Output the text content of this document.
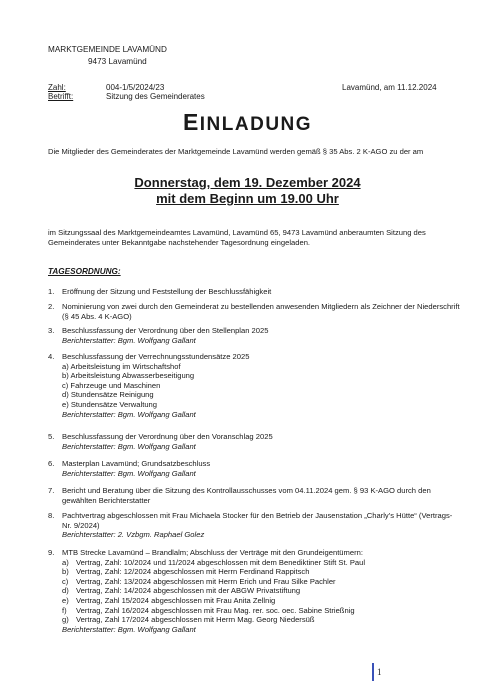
MARKTGEMEINDE LAVAMÜND
9473 Lavamünd
Zahl:	004-1/5/2024/23
Betrifft:	Sitzung des Gemeinderates
Lavamünd, am 11.12.2024
EINLADUNG
Die Mitglieder des Gemeinderates der Marktgemeinde Lavamünd werden gemäß § 35 Abs. 2 K-AGO zu der am
Donnerstag, dem 19. Dezember 2024
mit dem Beginn um 19.00 Uhr
im Sitzungssaal des Marktgemeindeamtes Lavamünd, Lavamünd 65, 9473 Lavamünd anberaumten Sitzung des Gemeinderates unter Bekanntgabe nachstehender Tagesordnung eingeladen.
TAGESORDNUNG:
1. Eröffnung der Sitzung und Feststellung der Beschlussfähigkeit
2. Nominierung von zwei durch den Gemeinderat zu bestellenden anwesenden Mitgliedern als Zeichner der Niederschrift (§ 45 Abs. 4 K-AGO)
3. Beschlussfassung der Verordnung über den Stellenplan 2025
Berichterstatter: Bgm. Wolfgang Gallant
4. Beschlussfassung der Verrechnungsstundensätze 2025
a) Arbeitsleistung im Wirtschaftshof
b) Arbeitsleistung Abwasserbeseitigung
c) Fahrzeuge und Maschinen
d) Stundensätze Reinigung
e) Stundensätze Verwaltung
Berichterstatter: Bgm. Wolfgang Gallant
5. Beschlussfassung der Verordnung über den Voranschlag 2025
Berichterstatter: Bgm. Wolfgang Gallant
6. Masterplan Lavamünd; Grundsatzbeschluss
Berichterstatter: Bgm. Wolfgang Gallant
7. Bericht und Beratung über die Sitzung des Kontrollausschusses vom 04.11.2024 gem. § 93 K-AGO durch den gewählten Berichterstatter
8. Pachtvertrag abgeschlossen mit Frau Michaela Stocker für den Betrieb der Jausenstation „Charly’s Hütte“ (Vertrags-Nr. 9/2024)
Berichterstatter: 2. Vzbgm. Raphael Golez
9. MTB Strecke Lavamünd – Brandlalm; Abschluss der Verträge mit den Grundeigentümern:
a) Vertrag, Zahl: 10/2024 und 11/2024 abgeschlossen mit dem Benediktiner Stift St. Paul
b) Vertrag, Zahl: 12/2024 abgeschlossen mit Herrn Ferdinand Rappitsch
c) Vertrag, Zahl: 13/2024 abgeschlossen mit Herrn Erich und Frau Silke Pachler
d) Vertrag, Zahl: 14/2024 abgeschlossen mit der ABGW Privatstiftung
e) Vertrag, Zahl 15/2024 abgeschlossen mit Frau Anita Zellnig
f) Vertrag, Zahl 16/2024 abgeschlossen mit Frau Mag. rer. soc. oec. Sabine Strießnig
g) Vertrag, Zahl 17/2024 abgeschlossen mit Herrn Mag. Georg Niedersüß
Berichterstatter: Bgm. Wolfgang Gallant
1
